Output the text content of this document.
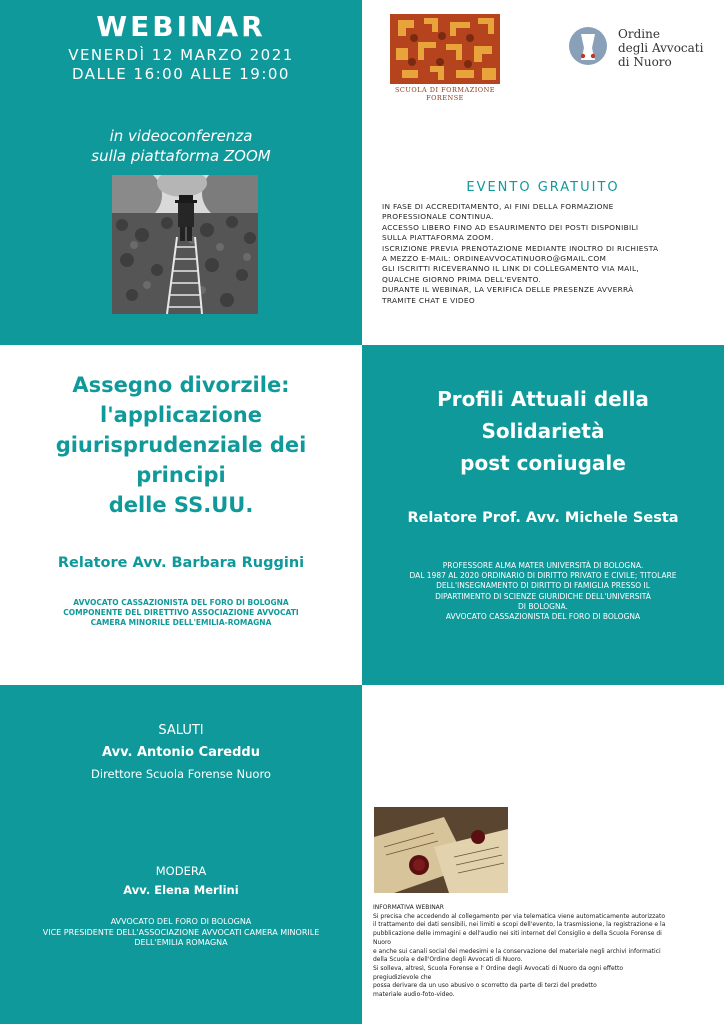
WEBINAR
VENERDÌ 12 MARZO 2021
DALLE 16:00 ALLE 19:00
in videoconferenza
sulla piattaforma ZOOM
SCUOLA DI FORMAZIONE FORENSE
Ordine
degli Avvocati
di Nuoro
EVENTO GRATUITO
IN FASE DI ACCREDITAMENTO, AI FINI DELLA FORMAZIONE
PROFESSIONALE CONTINUA.
ACCESSO LIBERO FINO AD ESAURIMENTO DEI POSTI DISPONIBILI
SULLA PIATTAFORMA ZOOM.
ISCRIZIONE PREVIA PRENOTAZIONE MEDIANTE INOLTRO DI RICHIESTA
A MEZZO E-MAIL: ORDINEAVVOCATINUORO@GMAIL.COM
GLI ISCRITTI RICEVERANNO IL LINK DI COLLEGAMENTO VIA MAIL,
QUALCHE GIORNO PRIMA DELL'EVENTO.
DURANTE IL WEBINAR, LA VERIFICA DELLE PRESENZE AVVERRÀ
TRAMITE CHAT E VIDEO
Assegno divorzile:
l'applicazione
giurisprudenziale dei
principi
delle SS.UU.
Relatore Avv. Barbara Ruggini
AVVOCATO CASSAZIONISTA DEL FORO DI BOLOGNA
COMPONENTE DEL DIRETTIVO ASSOCIAZIONE AVVOCATI
CAMERA MINORILE DELL'EMILIA-ROMAGNA
Profili Attuali della
Solidarietà
post coniugale
Relatore Prof. Avv. Michele Sesta
PROFESSORE ALMA MATER UNIVERSITÀ DI BOLOGNA.
DAL 1987 AL 2020 ORDINARIO DI DIRITTO PRIVATO E CIVILE; TITOLARE
DELL'INSEGNAMENTO DI DIRITTO DI FAMIGLIA PRESSO IL
DIPARTIMENTO DI SCIENZE GIURIDICHE DELL'UNIVERSITÀ
DI BOLOGNA.
AVVOCATO CASSAZIONISTA DEL FORO DI BOLOGNA
SALUTI
Avv. Antonio Careddu
Direttore Scuola Forense Nuoro
MODERA
Avv. Elena Merlini
AVVOCATO DEL FORO DI BOLOGNA
VICE PRESIDENTE DELL'ASSOCIAZIONE AVVOCATI CAMERA MINORILE
DELL'EMILIA ROMAGNA
INFORMATIVA WEBINAR
Si precisa che accedendo al collegamento per via telematica viene automaticamente autorizzato
il trattamento dei dati sensibili, nei limiti e scopi dell'evento, la trasmissione, la registrazione e la
pubblicazione delle immagini e dell'audio nei siti internet del Consiglio e della Scuola Forense di
Nuoro
e anche sui canali social dei medesimi e la conservazione del materiale negli archivi informatici
della Scuola e dell'Ordine degli Avvocati di Nuoro.
Si solleva, altresì, Scuola Forense e l' Ordine degli Avvocati di Nuoro da ogni effetto
pregiudizievole che
possa derivare da un uso abusivo o scorretto da parte di terzi del predetto
materiale audio-foto-video.
